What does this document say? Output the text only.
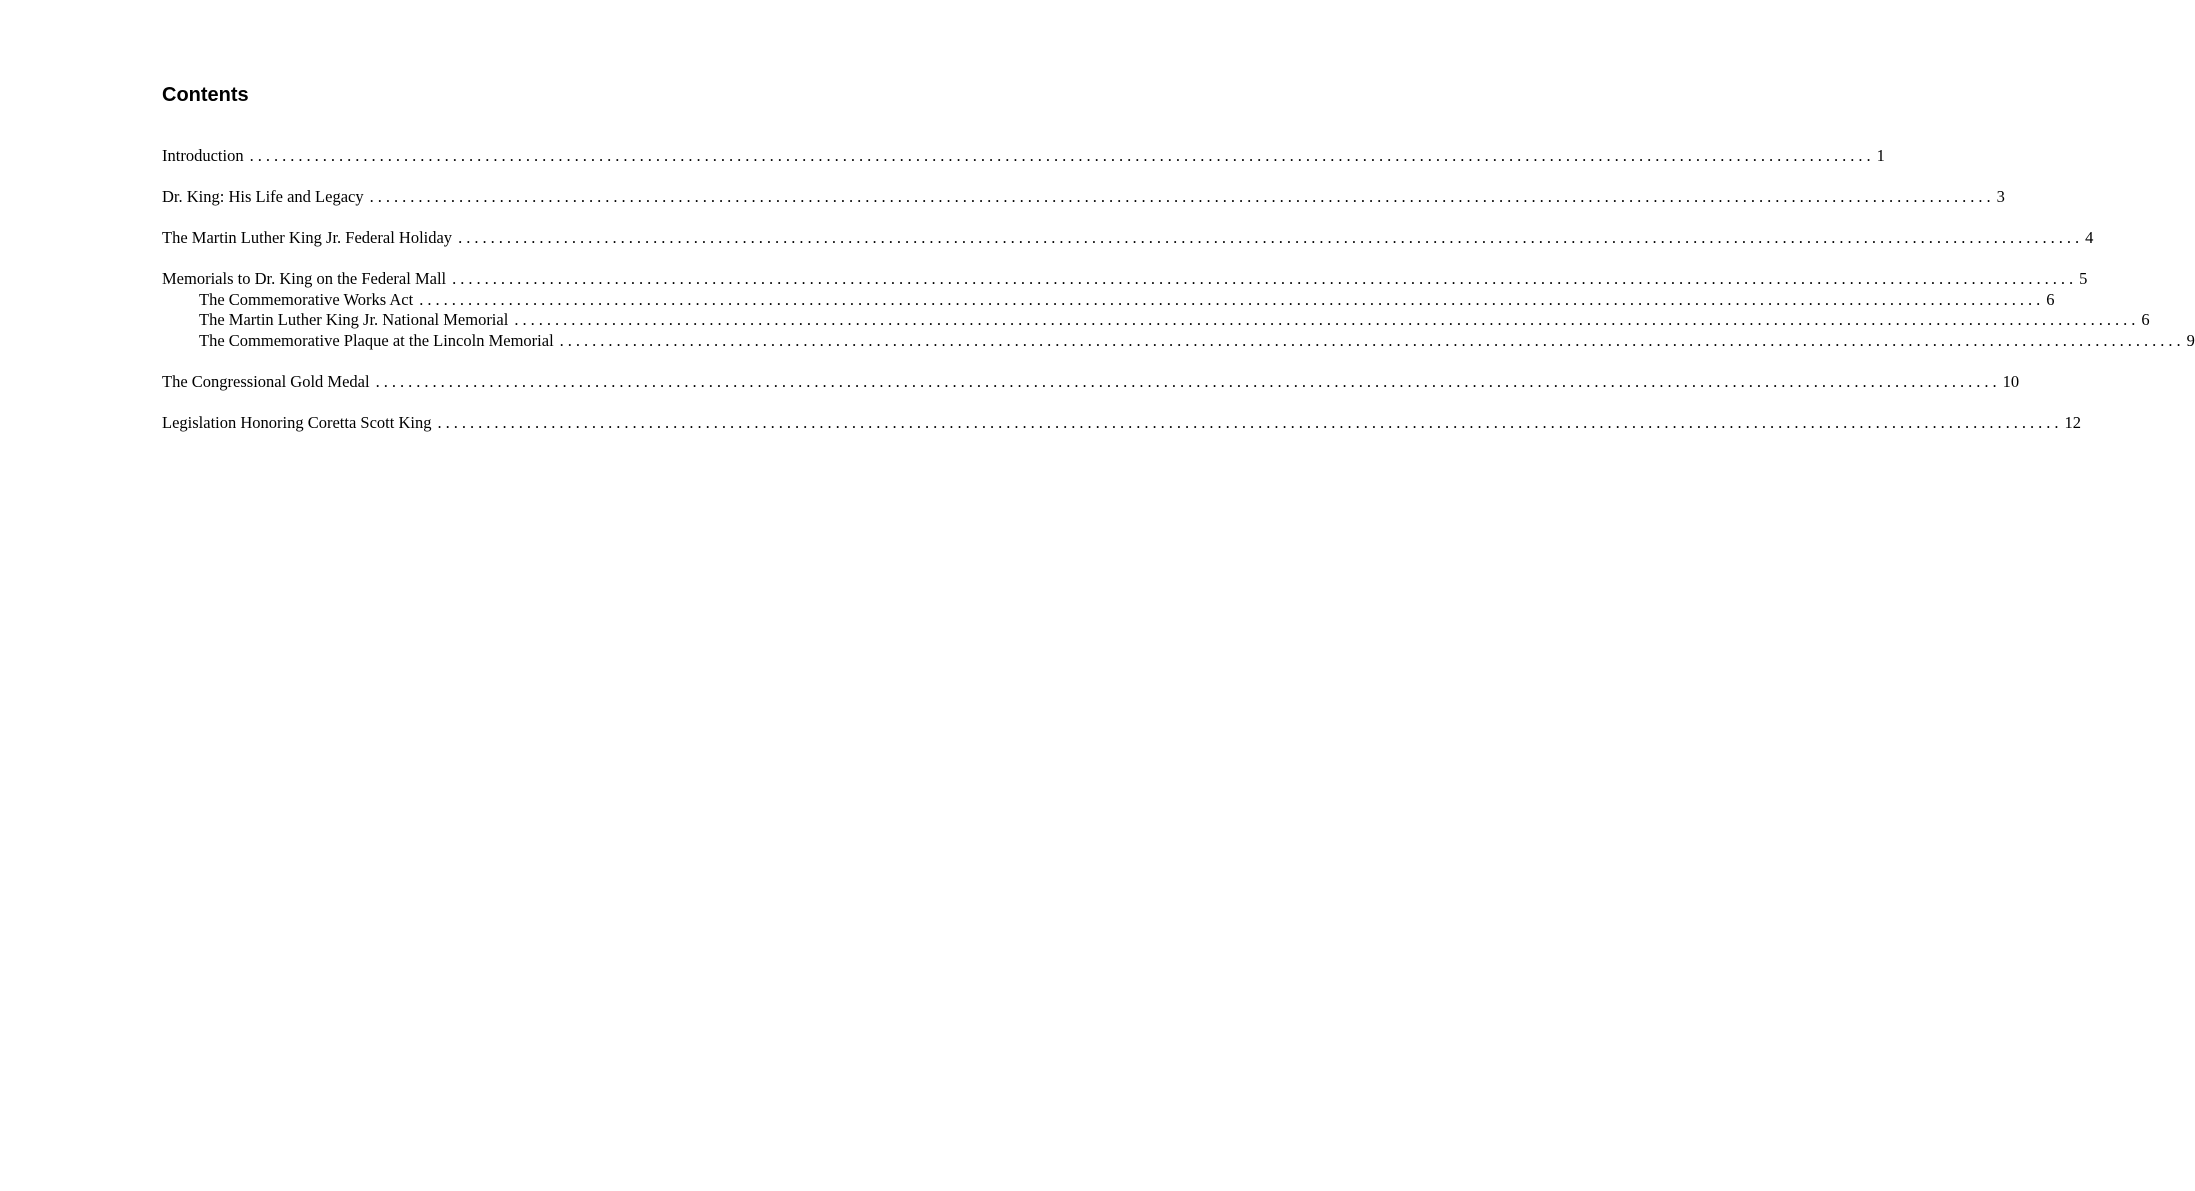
Contents
Introduction ........................................................................................................................................................................................................ 1
Dr. King: His Life and Legacy ........................................................................................................................................................................................................ 3
The Martin Luther King Jr. Federal Holiday ........................................................................................................................................................................................................ 4
Memorials to Dr. King on the Federal Mall ........................................................................................................................................................................................................ 5
The Commemorative Works Act ........................................................................................................................................................................................................ 6
The Martin Luther King Jr. National Memorial ........................................................................................................................................................................................................ 6
The Commemorative Plaque at the Lincoln Memorial ........................................................................................................................................................................................................ 9
The Congressional Gold Medal ........................................................................................................................................................................................................ 10
Legislation Honoring Coretta Scott King ........................................................................................................................................................................................................ 12
